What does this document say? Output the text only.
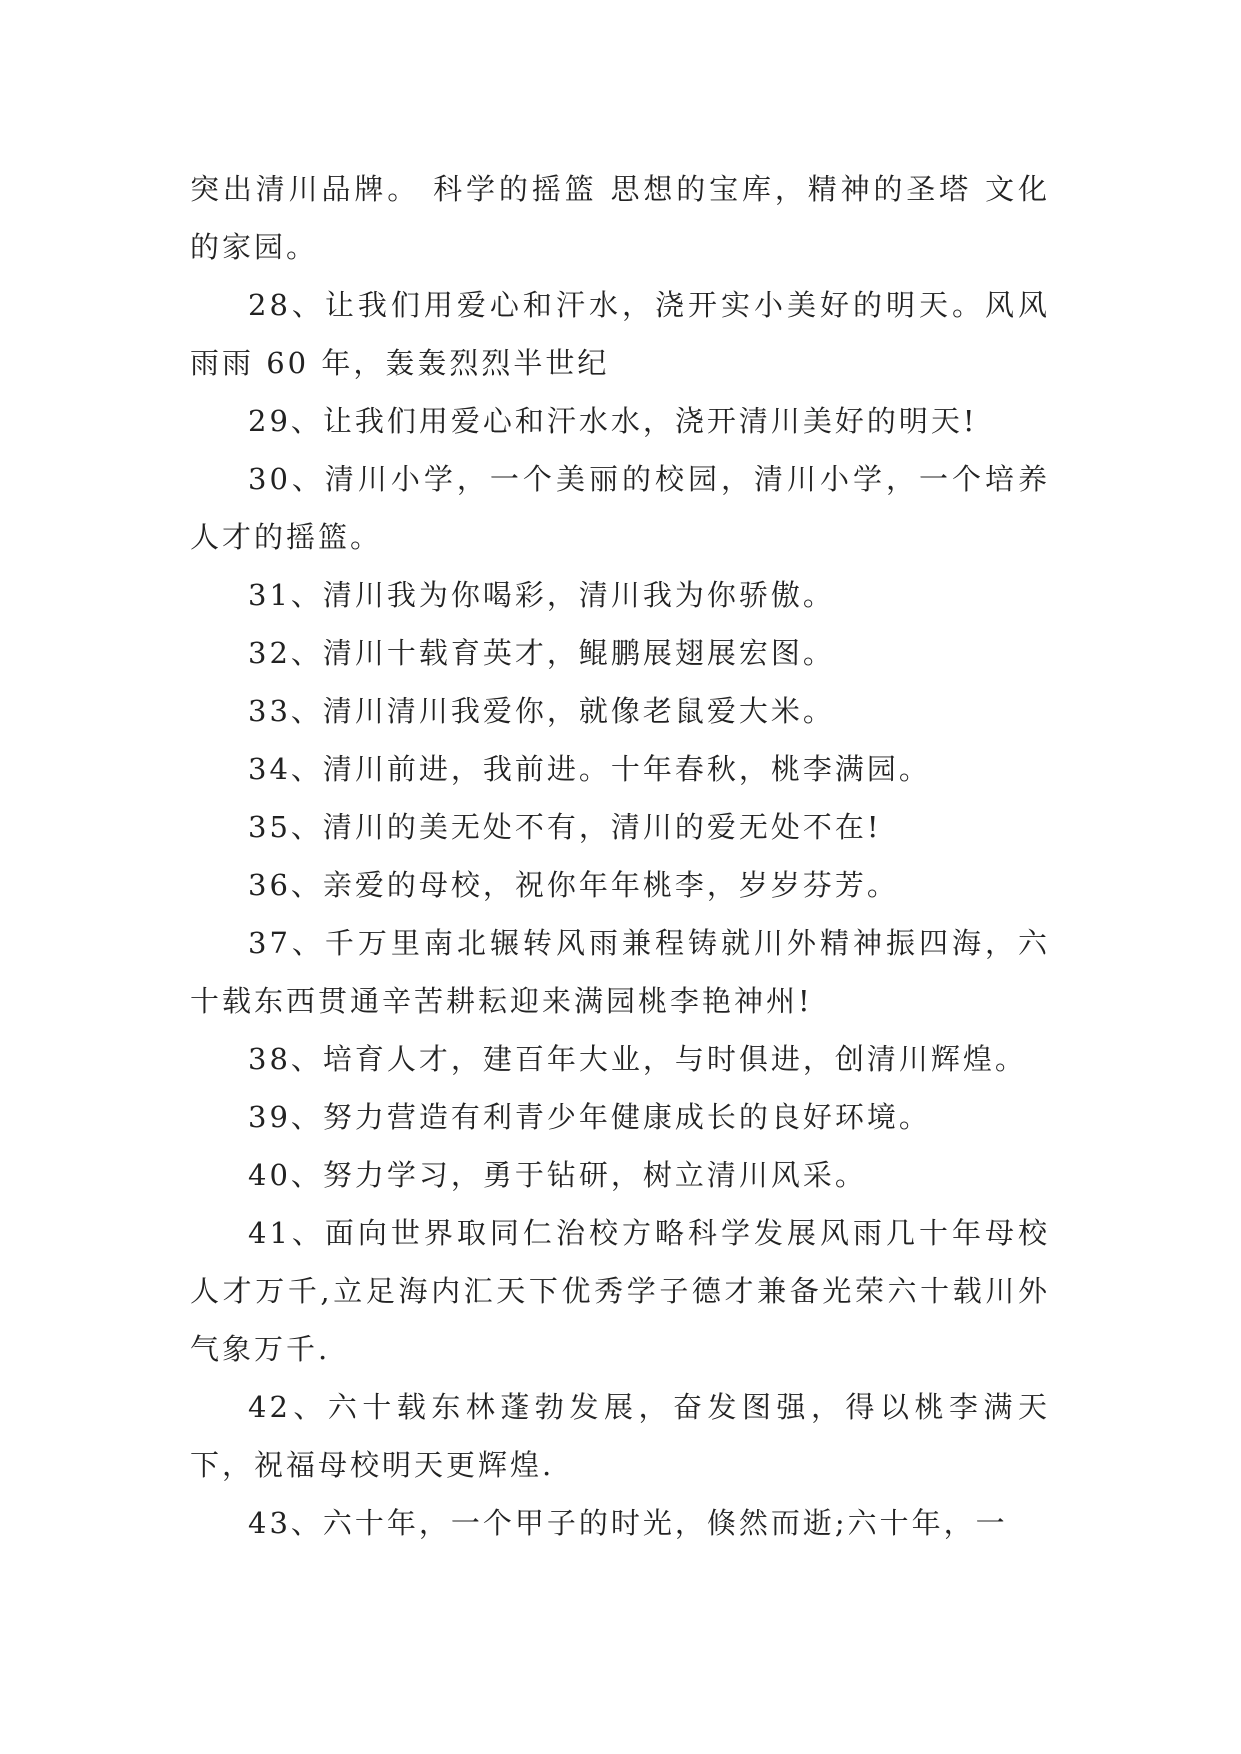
突出清川品牌。 科学的摇篮 思想的宝库，精神的圣塔 文化的家园。

28、让我们用爱心和汗水，浇开实小美好的明天。风风雨雨 60 年，轰轰烈烈半世纪

29、让我们用爱心和汗水水，浇开清川美好的明天!

30、清川小学，一个美丽的校园，清川小学，一个培养人才的摇篮。

31、清川我为你喝彩，清川我为你骄傲。

32、清川十载育英才，鲲鹏展翅展宏图。

33、清川清川我爱你，就像老鼠爱大米。

34、清川前进，我前进。十年春秋，桃李满园。

35、清川的美无处不有，清川的爱无处不在!

36、亲爱的母校，祝你年年桃李，岁岁芬芳。

37、千万里南北辗转风雨兼程铸就川外精神振四海，六十载东西贯通辛苦耕耘迎来满园桃李艳神州!

38、培育人才，建百年大业，与时俱进，创清川辉煌。

39、努力营造有利青少年健康成长的良好环境。

40、努力学习，勇于钻研，树立清川风采。

41、面向世界取同仁治校方略科学发展风雨几十年母校人才万千,立足海内汇天下优秀学子德才兼备光荣六十载川外气象万千.

42、六十载东林蓬勃发展，奋发图强，得以桃李满天下，祝福母校明天更辉煌.

43、六十年，一个甲子的时光，倏然而逝;六十年，一
